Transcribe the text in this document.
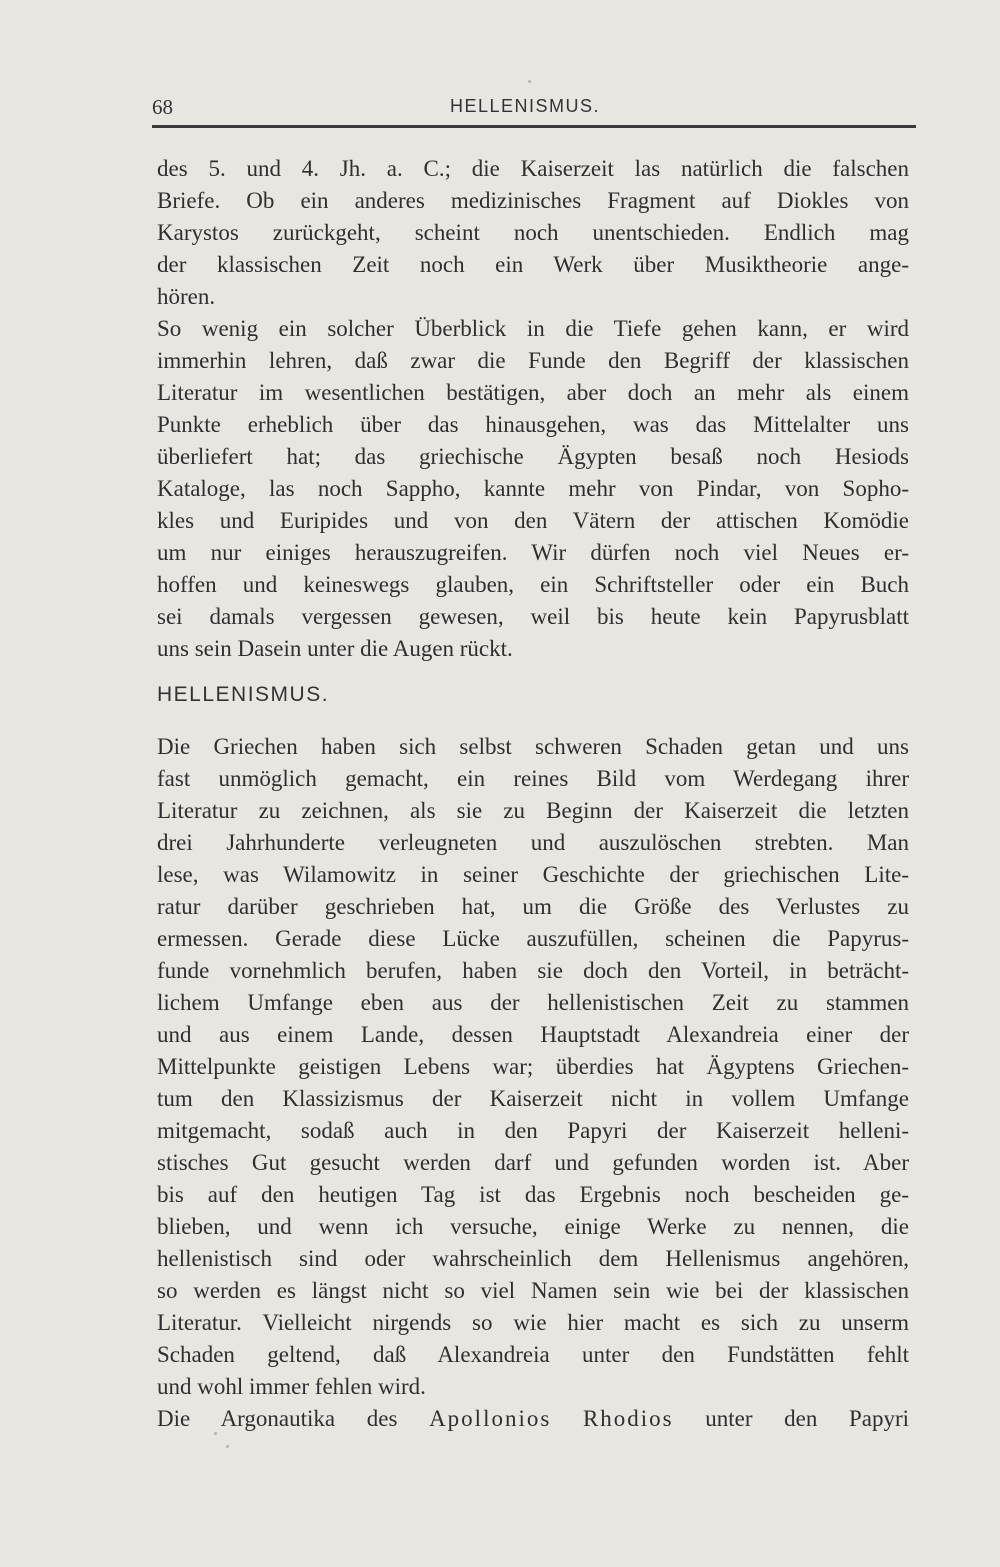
68	HELLENISMUS.
des 5. und 4. Jh. a. C.; die Kaiserzeit las natürlich die falschen
Briefe. Ob ein anderes medizinisches Fragment auf Diokles von
Karystos zurückgeht, scheint noch unentschieden. Endlich mag
der klassischen Zeit noch ein Werk über Musiktheorie ange-
hören.
So wenig ein solcher Überblick in die Tiefe gehen kann, er wird
immerhin lehren, daß zwar die Funde den Begriff der klassischen
Literatur im wesentlichen bestätigen, aber doch an mehr als einem
Punkte erheblich über das hinausgehen, was das Mittelalter uns
überliefert hat; das griechische Ägypten besaß noch Hesiods
Kataloge, las noch Sappho, kannte mehr von Pindar, von Sopho-
kles und Euripides und von den Vätern der attischen Komödie
um nur einiges herauszugreifen. Wir dürfen noch viel Neues er-
hoffen und keineswegs glauben, ein Schriftsteller oder ein Buch
sei damals vergessen gewesen, weil bis heute kein Papyrusblatt
uns sein Dasein unter die Augen rückt.
HELLENISMUS.
Die Griechen haben sich selbst schweren Schaden getan und uns
fast unmöglich gemacht, ein reines Bild vom Werdegang ihrer
Literatur zu zeichnen, als sie zu Beginn der Kaiserzeit die letzten
drei Jahrhunderte verleugneten und auszulöschen strebten. Man
lese, was Wilamowitz in seiner Geschichte der griechischen Lite-
ratur darüber geschrieben hat, um die Größe des Verlustes zu
ermessen. Gerade diese Lücke auszufüllen, scheinen die Papyrus-
funde vornehmlich berufen, haben sie doch den Vorteil, in beträcht-
lichem Umfange eben aus der hellenistischen Zeit zu stammen
und aus einem Lande, dessen Hauptstadt Alexandreia einer der
Mittelpunkte geistigen Lebens war; überdies hat Ägyptens Griechen-
tum den Klassizismus der Kaiserzeit nicht in vollem Umfange
mitgemacht, sodaß auch in den Papyri der Kaiserzeit helleni-
stisches Gut gesucht werden darf und gefunden worden ist. Aber
bis auf den heutigen Tag ist das Ergebnis noch bescheiden ge-
blieben, und wenn ich versuche, einige Werke zu nennen, die
hellenistisch sind oder wahrscheinlich dem Hellenismus angehören,
so werden es längst nicht so viel Namen sein wie bei der klassischen
Literatur. Vielleicht nirgends so wie hier macht es sich zu unserm
Schaden geltend, daß Alexandreia unter den Fundstätten fehlt
und wohl immer fehlen wird.
Die Argonautika des Apollonios Rhodios unter den Papyri
